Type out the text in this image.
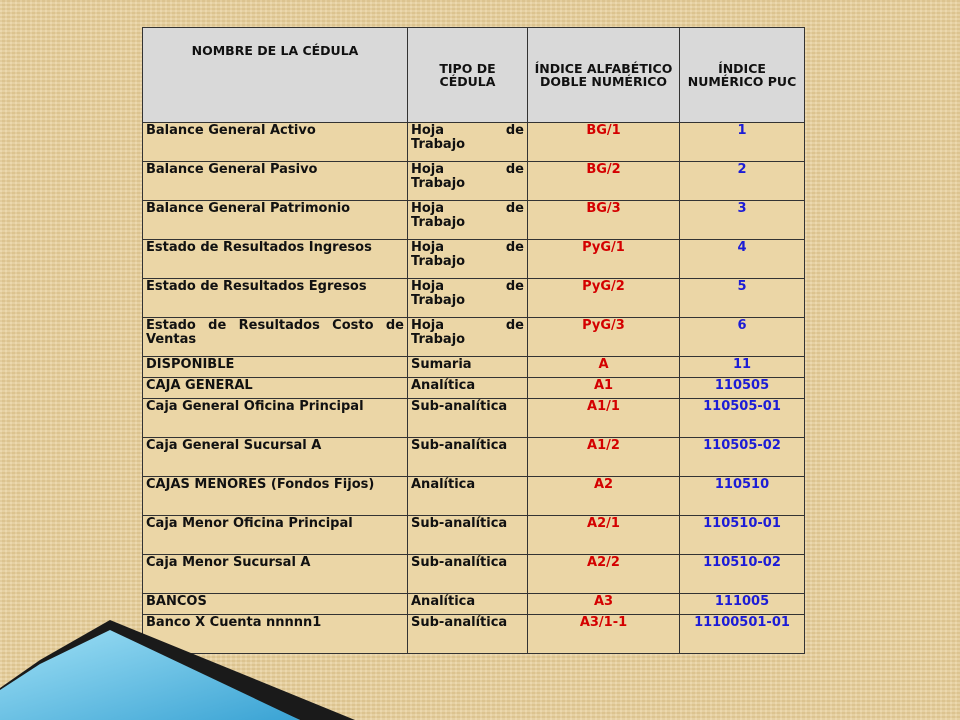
NOMBRE DE LA CÉDULA	TIPO DE CÉDULA	ÍNDICE ALFABÉTICO DOBLE NUMÉRICO	ÍNDICE NUMÉRICO PUC
Balance General Activo	Hoja de Trabajo	BG/1	1
Balance General Pasivo	Hoja de Trabajo	BG/2	2
Balance General Patrimonio	Hoja de Trabajo	BG/3	3
Estado de Resultados Ingresos	Hoja de Trabajo	PyG/1	4
Estado de Resultados Egresos	Hoja de Trabajo	PyG/2	5
Estado de Resultados Costo de Ventas	Hoja de Trabajo	PyG/3	6
DISPONIBLE	Sumaria	A	11
CAJA GENERAL	Analítica	A1	110505
Caja General Oficina Principal	Sub-analítica	A1/1	110505-01
Caja General Sucursal A	Sub-analítica	A1/2	110505-02
CAJAS MENORES (Fondos Fijos)	Analítica	A2	110510
Caja Menor Oficina Principal	Sub-analítica	A2/1	110510-01
Caja Menor Sucursal A	Sub-analítica	A2/2	110510-02
BANCOS	Analítica	A3	111005
Banco X Cuenta nnnnn1	Sub-analítica	A3/1-1	11100501-01
